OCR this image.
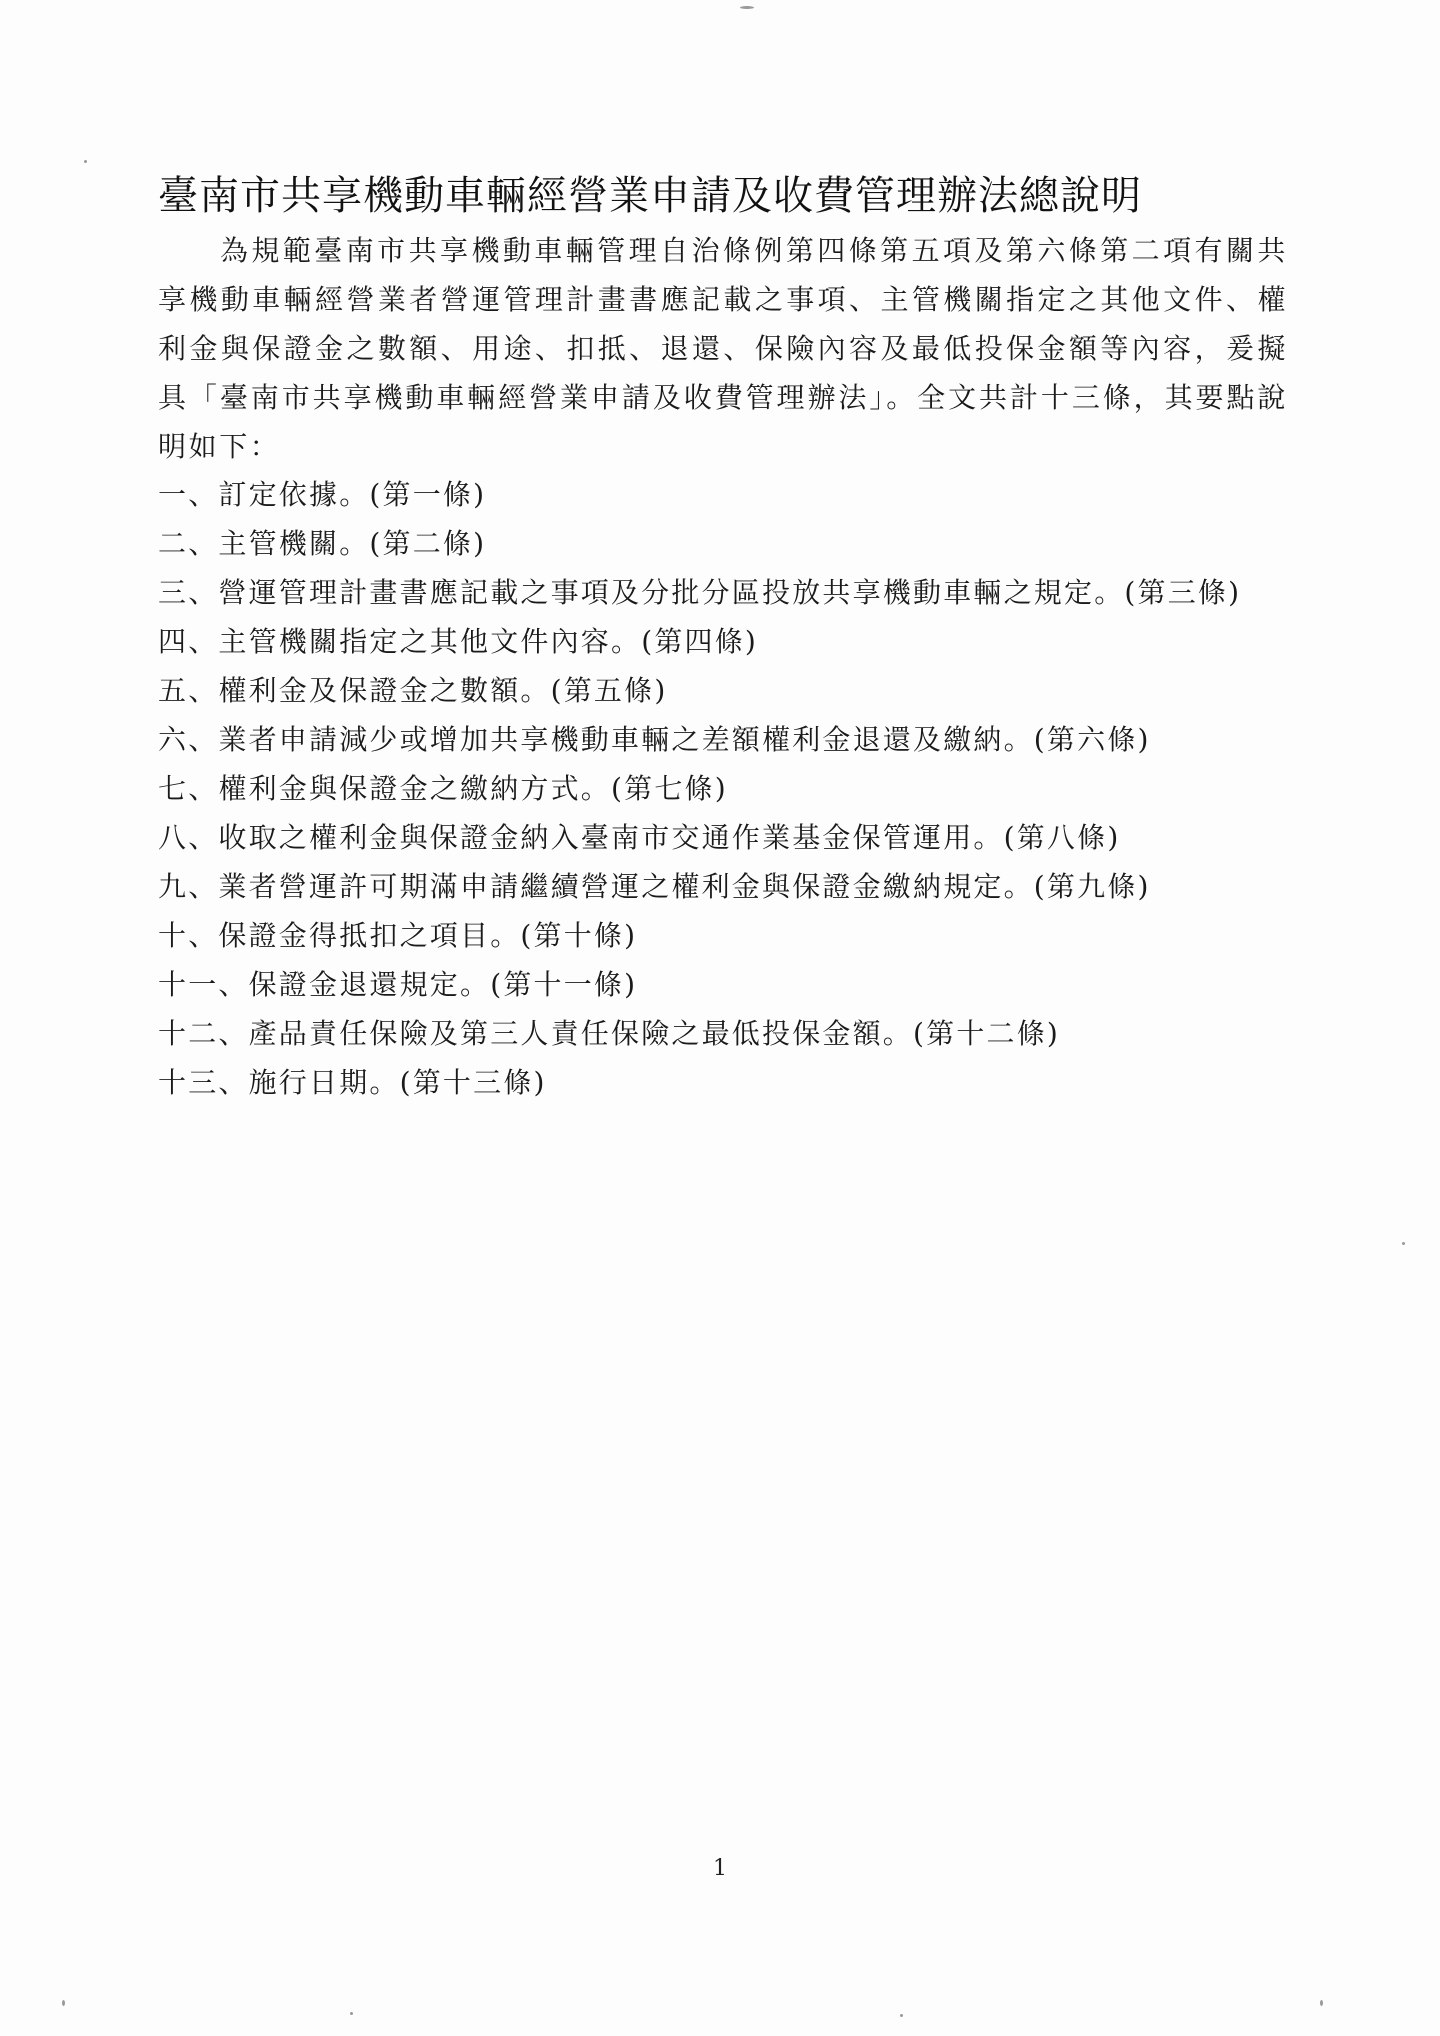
臺南市共享機動車輛經營業申請及收費管理辦法總說明

為規範臺南市共享機動車輛管理自治條例第四條第五項及第六條第二項有關共享機動車輛經營業者營運管理計畫書應記載之事項、主管機關指定之其他文件、權利金與保證金之數額、用途、扣抵、退還、保險內容及最低投保金額等內容，爰擬具「臺南市共享機動車輛經營業申請及收費管理辦法」。全文共計十三條，其要點說明如下：

一、訂定依據。(第一條)
二、主管機關。(第二條)
三、營運管理計畫書應記載之事項及分批分區投放共享機動車輛之規定。(第三條)
四、主管機關指定之其他文件內容。(第四條)
五、權利金及保證金之數額。(第五條)
六、業者申請減少或增加共享機動車輛之差額權利金退還及繳納。(第六條)
七、權利金與保證金之繳納方式。(第七條)
八、收取之權利金與保證金納入臺南市交通作業基金保管運用。(第八條)
九、業者營運許可期滿申請繼續營運之權利金與保證金繳納規定。(第九條)
十、保證金得抵扣之項目。(第十條)
十一、保證金退還規定。(第十一條)
十二、產品責任保險及第三人責任保險之最低投保金額。(第十二條)
十三、施行日期。(第十三條)
1
